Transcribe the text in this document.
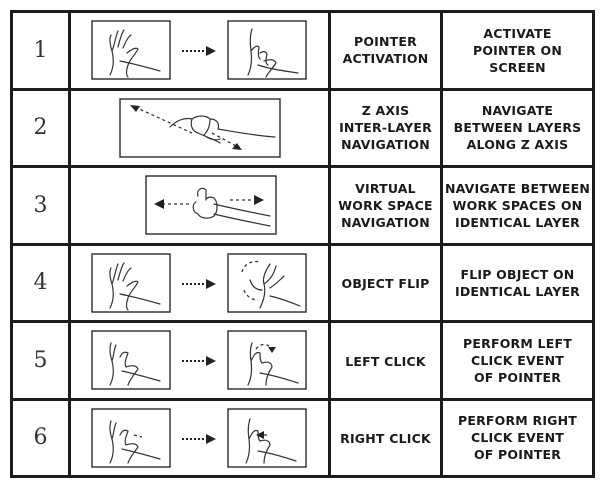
1		POINTER
ACTIVATION	ACTIVATE
POINTER ON
SCREEN
2		Z AXIS
INTER-LAYER
NAVIGATION	NAVIGATE
BETWEEN LAYERS
ALONG Z AXIS
3		VIRTUAL
WORK SPACE
NAVIGATION	NAVIGATE BETWEEN
WORK SPACES ON
IDENTICAL LAYER
4		OBJECT FLIP	FLIP OBJECT ON
IDENTICAL LAYER
5		LEFT CLICK	PERFORM LEFT
CLICK EVENT
OF POINTER
6		RIGHT CLICK	PERFORM RIGHT
CLICK EVENT
OF POINTER
